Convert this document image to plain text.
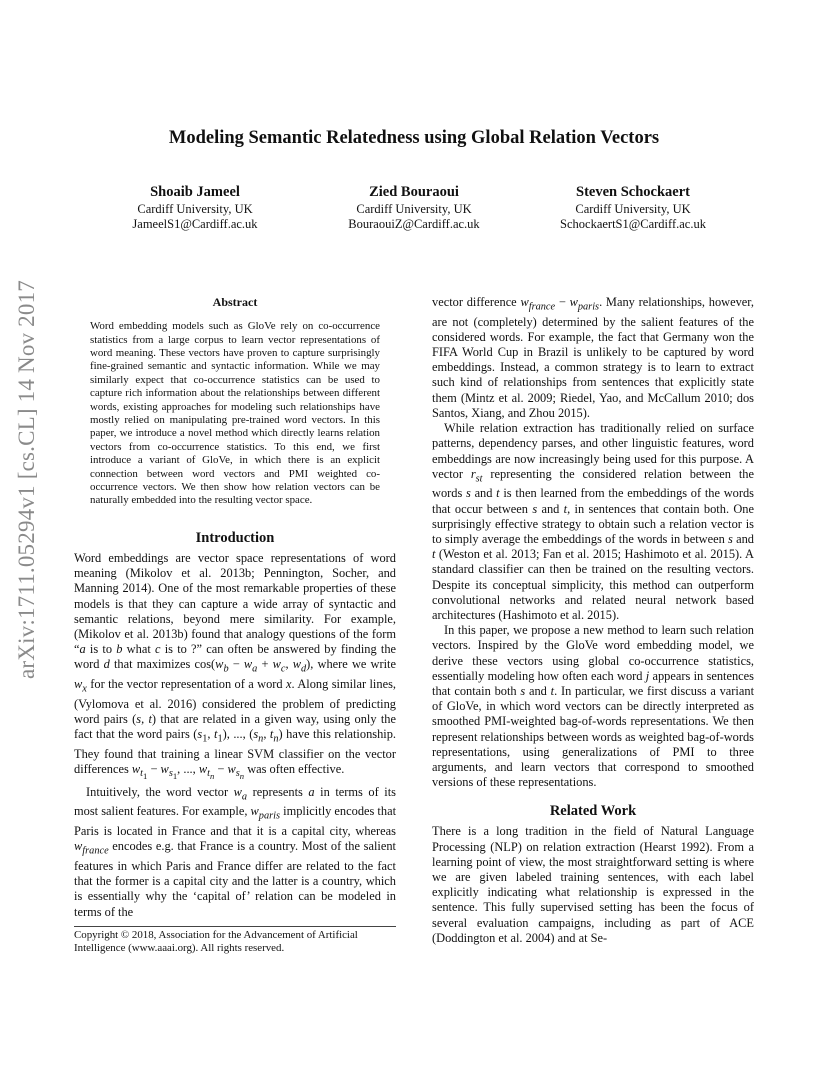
arXiv:1711.05294v1 [cs.CL] 14 Nov 2017
Modeling Semantic Relatedness using Global Relation Vectors
Shoaib Jameel
Cardiff University, UK
JameelS1@Cardiff.ac.uk
Zied Bouraoui
Cardiff University, UK
BouraouiZ@Cardiff.ac.uk
Steven Schockaert
Cardiff University, UK
SchockaertS1@Cardiff.ac.uk
Abstract
Word embedding models such as GloVe rely on co-occurrence statistics from a large corpus to learn vector representations of word meaning. These vectors have proven to capture surprisingly fine-grained semantic and syntactic information. While we may similarly expect that co-occurrence statistics can be used to capture rich information about the relationships between different words, existing approaches for modeling such relationships have mostly relied on manipulating pre-trained word vectors. In this paper, we introduce a novel method which directly learns relation vectors from co-occurrence statistics. To this end, we first introduce a variant of GloVe, in which there is an explicit connection between word vectors and PMI weighted co-occurrence vectors. We then show how relation vectors can be naturally embedded into the resulting vector space.
Introduction

Word embeddings are vector space representations of word meaning (Mikolov et al. 2013b; Pennington, Socher, and Manning 2014). One of the most remarkable properties of these models is that they can capture a wide array of syntactic and semantic relations, beyond mere similarity. For example, (Mikolov et al. 2013b) found that analogy questions of the form “a is to b what c is to ?” can often be answered by finding the word d that maximizes $\cos(w_b - w_a + w_c$, $w_d$), where we write $w_x$ for the vector representation of a word x. Along similar lines, (Vylomova et al. 2016) considered the problem of predicting word pairs (s, t) that are related in a given way, using only the fact that the word pairs ($s_1$, $t_1$), ..., ($s_n$, $t_n$) have this relationship. They found that training a linear SVM classifier on the vector differences $w_{t_1} - w_{s_1}$, ..., $w_{t_n} - w_{s_n}$ was often effective.

Intuitively, the word vector $w_a$ represents a in terms of its most salient features. For example, $w_{paris}$ implicitly encodes that Paris is located in France and that it is a capital city, whereas $w_{france}$ encodes e.g. that France is a country. Most of the salient features in which Paris and France differ are related to the fact that the former is a capital city and the latter is a country, which is essentially why the ‘capital of’ relation can be modeled in terms of the

Copyright © 2018, Association for the Advancement of Artificial Intelligence (www.aaai.org). All rights reserved.

vector difference $w_{france} - w_{paris}$. Many relationships, however, are not (completely) determined by the salient features of the considered words. For example, the fact that Germany won the FIFA World Cup in Brazil is unlikely to be captured by word embeddings. Instead, a common strategy is to learn to extract such kind of relationships from sentences that explicitly state them (Mintz et al. 2009; Riedel, Yao, and McCallum 2010; dos Santos, Xiang, and Zhou 2015).

While relation extraction has traditionally relied on surface patterns, dependency parses, and other linguistic features, word embeddings are now increasingly being used for this purpose. A vector $r_{st}$ representing the considered relation between the words s and t is then learned from the embeddings of the words that occur between s and t, in sentences that contain both. One surprisingly effective strategy to obtain such a relation vector is to simply average the embeddings of the words in between s and t (Weston et al. 2013; Fan et al. 2015; Hashimoto et al. 2015). A standard classifier can then be trained on the resulting vectors. Despite its conceptual simplicity, this method can outperform convolutional networks and related neural network based architectures (Hashimoto et al. 2015).

In this paper, we propose a new method to learn such relation vectors. Inspired by the GloVe word embedding model, we derive these vectors using global co-occurrence statistics, essentially modeling how often each word j appears in sentences that contain both s and t. In particular, we first discuss a variant of GloVe, in which word vectors can be directly interpreted as smoothed PMI-weighted bag-of-words representations. We then represent relationships between words as weighted bag-of-words representations, using generalizations of PMI to three arguments, and learn vectors that correspond to smoothed versions of these representations.

Related Work

There is a long tradition in the field of Natural Language Processing (NLP) on relation extraction (Hearst 1992). From a learning point of view, the most straightforward setting is where we are given labeled training sentences, with each label explicitly indicating what relationship is expressed in the sentence. This fully supervised setting has been the focus of several evaluation campaigns, including as part of ACE (Doddington et al. 2004) and at Se-
